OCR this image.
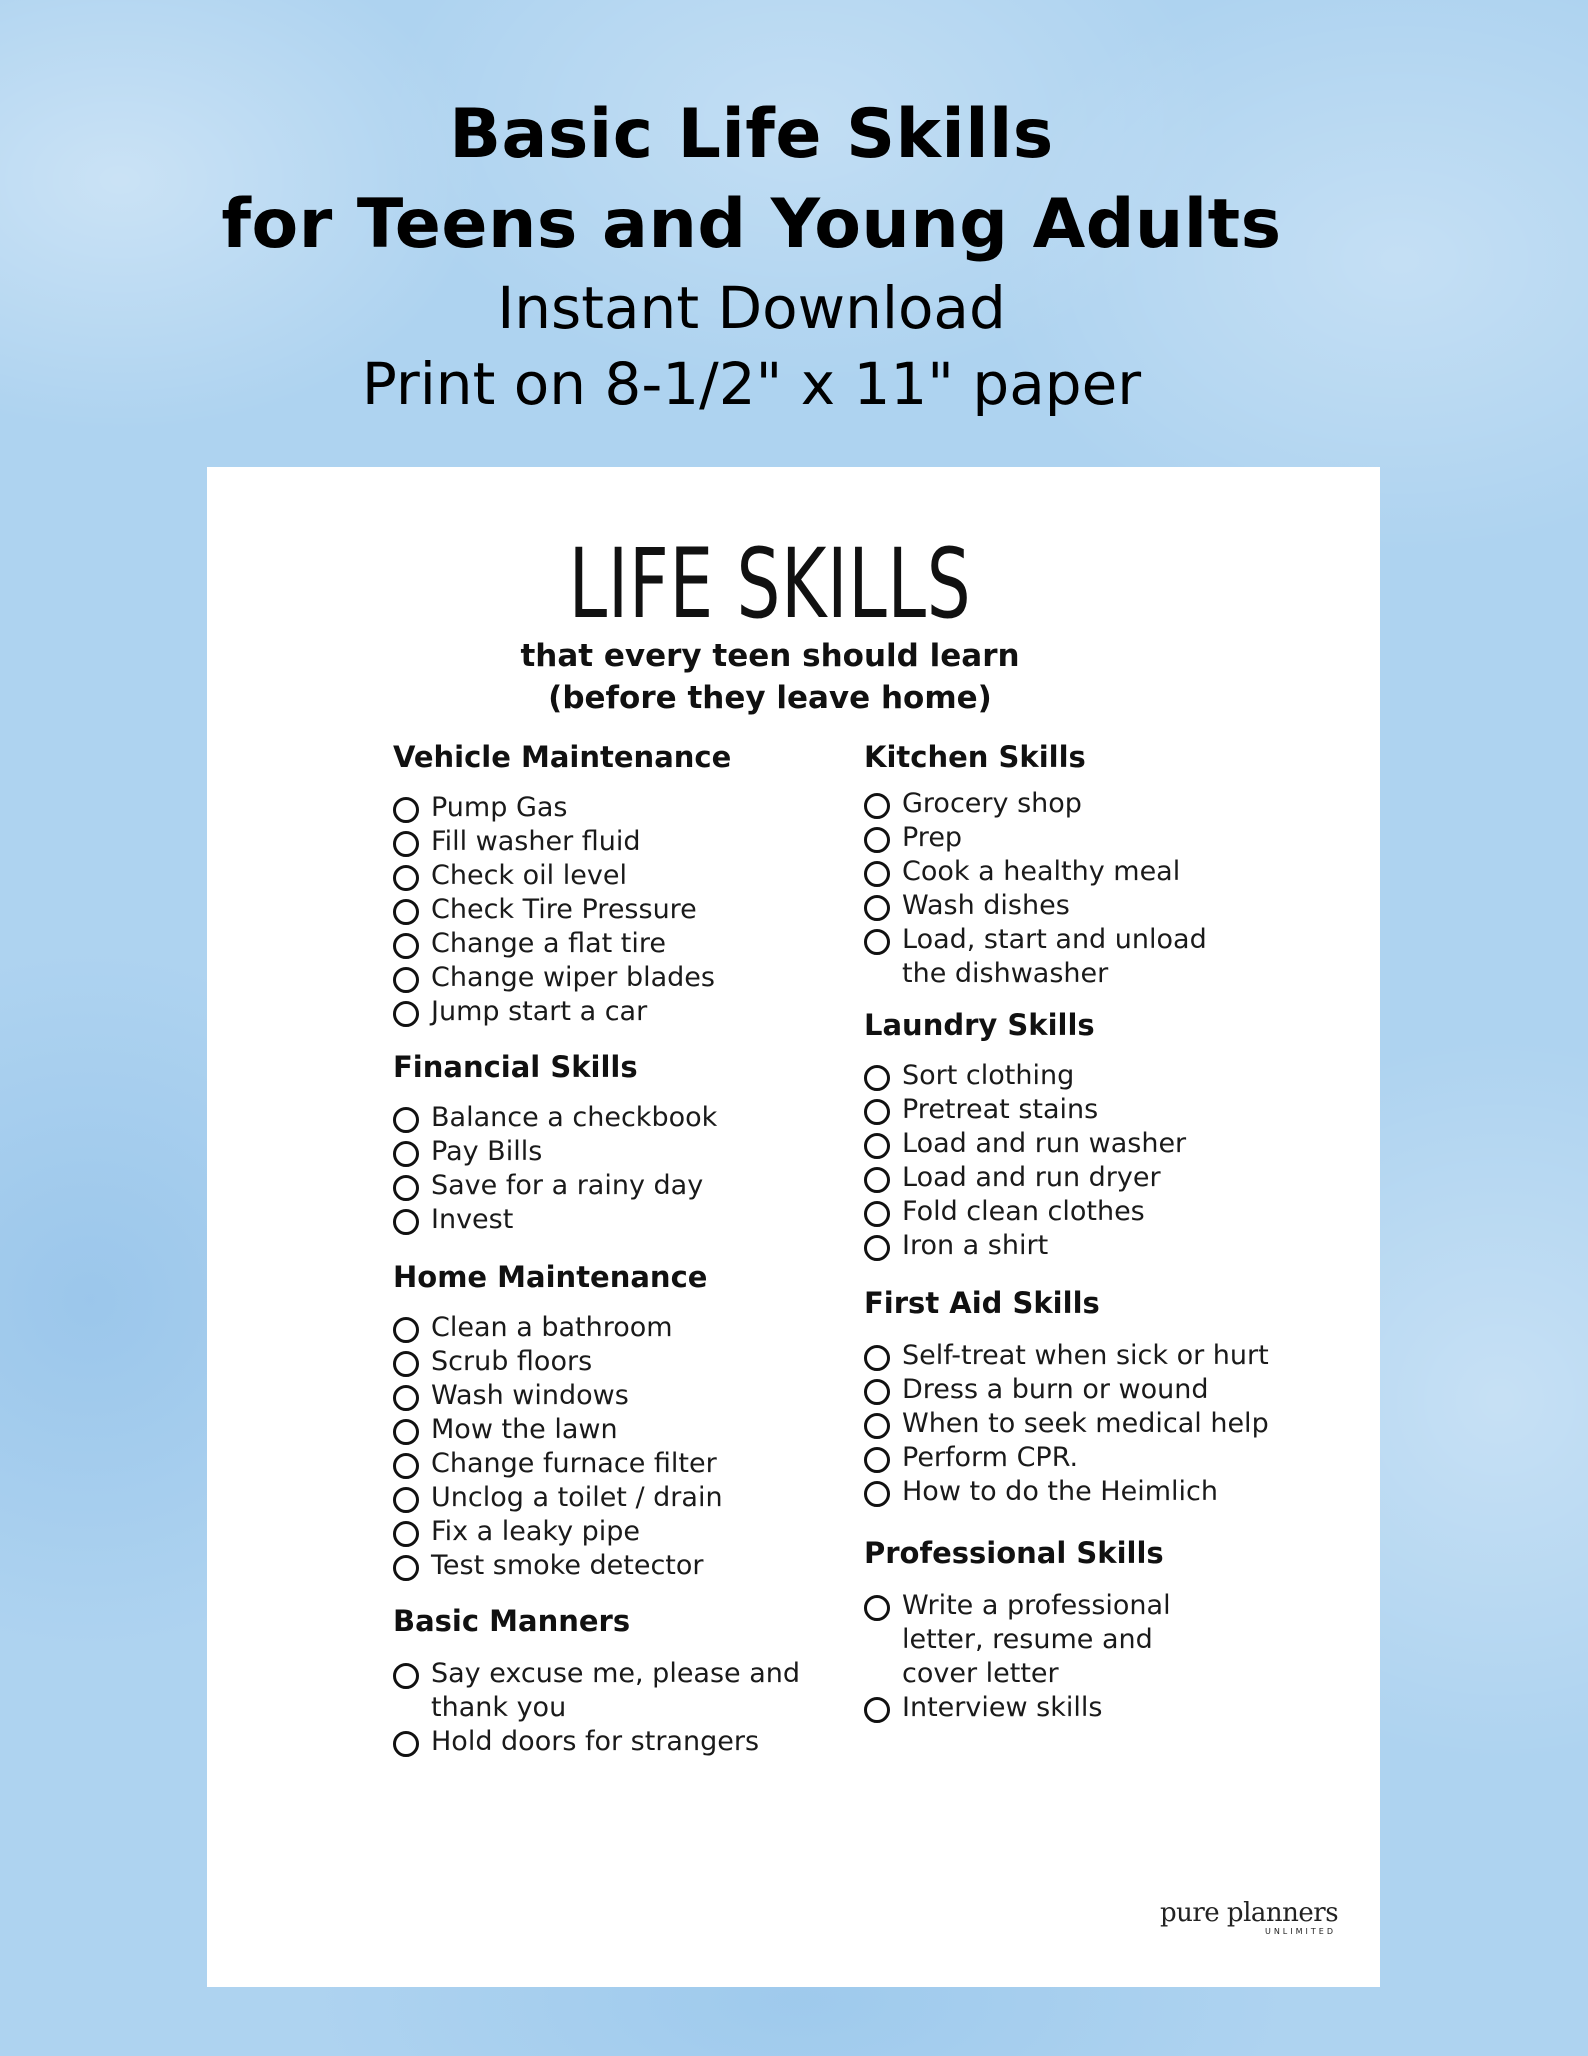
Basic Life Skills

for Teens and Young Adults

Instant Download

Print on 8-1/2" x 11" paper

LIFE SKILLS
that every teen should learn
(before they leave home)
Vehicle Maintenance
Pump Gas
Fill washer fluid
Check oil level
Check Tire Pressure
Change a flat tire
Change wiper blades
Jump start a car
Financial Skills
Balance a checkbook
Pay Bills
Save for a rainy day
Invest
Home Maintenance
Clean a bathroom
Scrub floors
Wash windows
Mow the lawn
Change furnace filter
Unclog a toilet / drain
Fix a leaky pipe
Test smoke detector
Basic Manners
Say excuse me, please and
thank you
Hold doors for strangers
Kitchen Skills
Grocery shop
Prep
Cook a healthy meal
Wash dishes
Load, start and unload
the dishwasher
Laundry Skills
Sort clothing
Pretreat stains
Load and run washer
Load and run dryer
Fold clean clothes
Iron a shirt
First Aid Skills
Self-treat when sick or hurt
Dress a burn or wound
When to seek medical help
Perform CPR.
How to do the Heimlich
Professional Skills
Write a professional
letter, resume and
cover letter
Interview skills
pure planners
UNLIMITED
